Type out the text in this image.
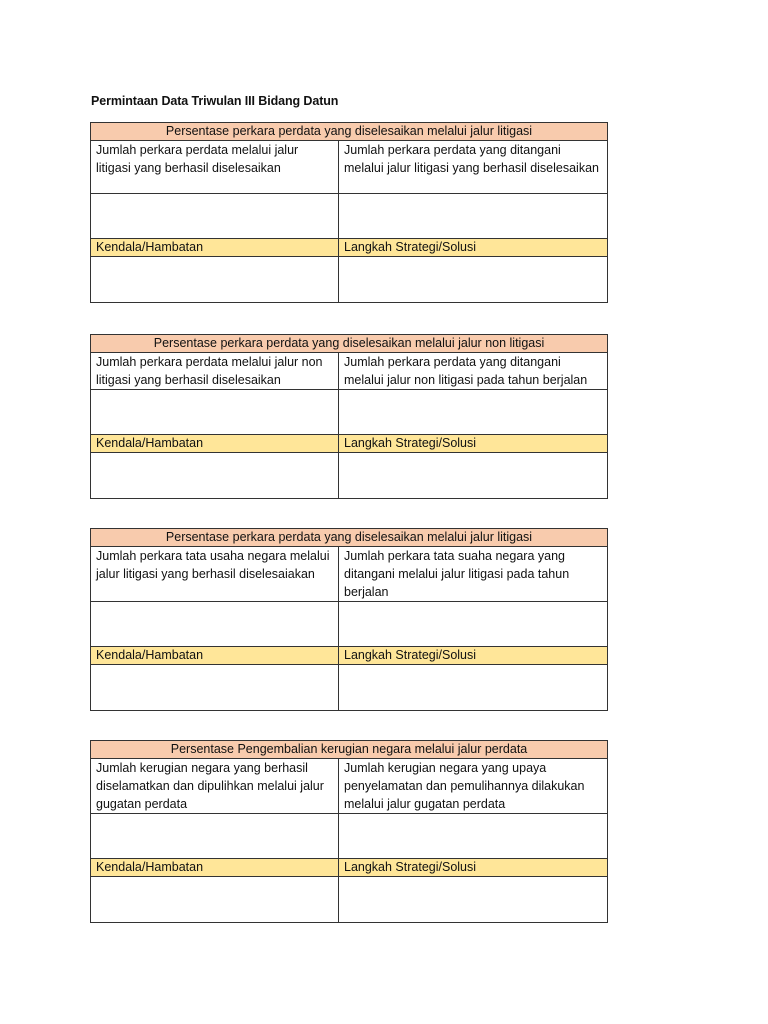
Permintaan Data Triwulan III Bidang Datun
Persentase perkara perdata yang diselesaikan melalui jalur litigasi	
Jumlah perkara perdata melalui jalur litigasi yang berhasil diselesaikan	Jumlah perkara perdata yang ditangani melalui jalur litigasi yang berhasil diselesaikan

Kendala/Hambatan	Langkah Strategi/Solusi

Persentase perkara perdata yang diselesaikan melalui jalur non litigasi	
Jumlah perkara perdata melalui jalur non litigasi yang berhasil diselesaikan	Jumlah perkara perdata yang ditangani melalui jalur non litigasi pada tahun berjalan

Kendala/Hambatan	Langkah Strategi/Solusi

Persentase perkara perdata yang diselesaikan melalui jalur litigasi	
Jumlah perkara tata usaha negara melalui jalur litigasi yang berhasil diselesaiakan	Jumlah perkara tata suaha negara yang ditangani melalui jalur litigasi pada tahun berjalan

Kendala/Hambatan	Langkah Strategi/Solusi

Persentase Pengembalian kerugian negara melalui jalur perdata	
Jumlah kerugian negara yang berhasil diselamatkan dan dipulihkan melalui jalur gugatan perdata	Jumlah kerugian negara yang upaya penyelamatan dan pemulihannya dilakukan melalui jalur gugatan perdata

Kendala/Hambatan	Langkah Strategi/Solusi
